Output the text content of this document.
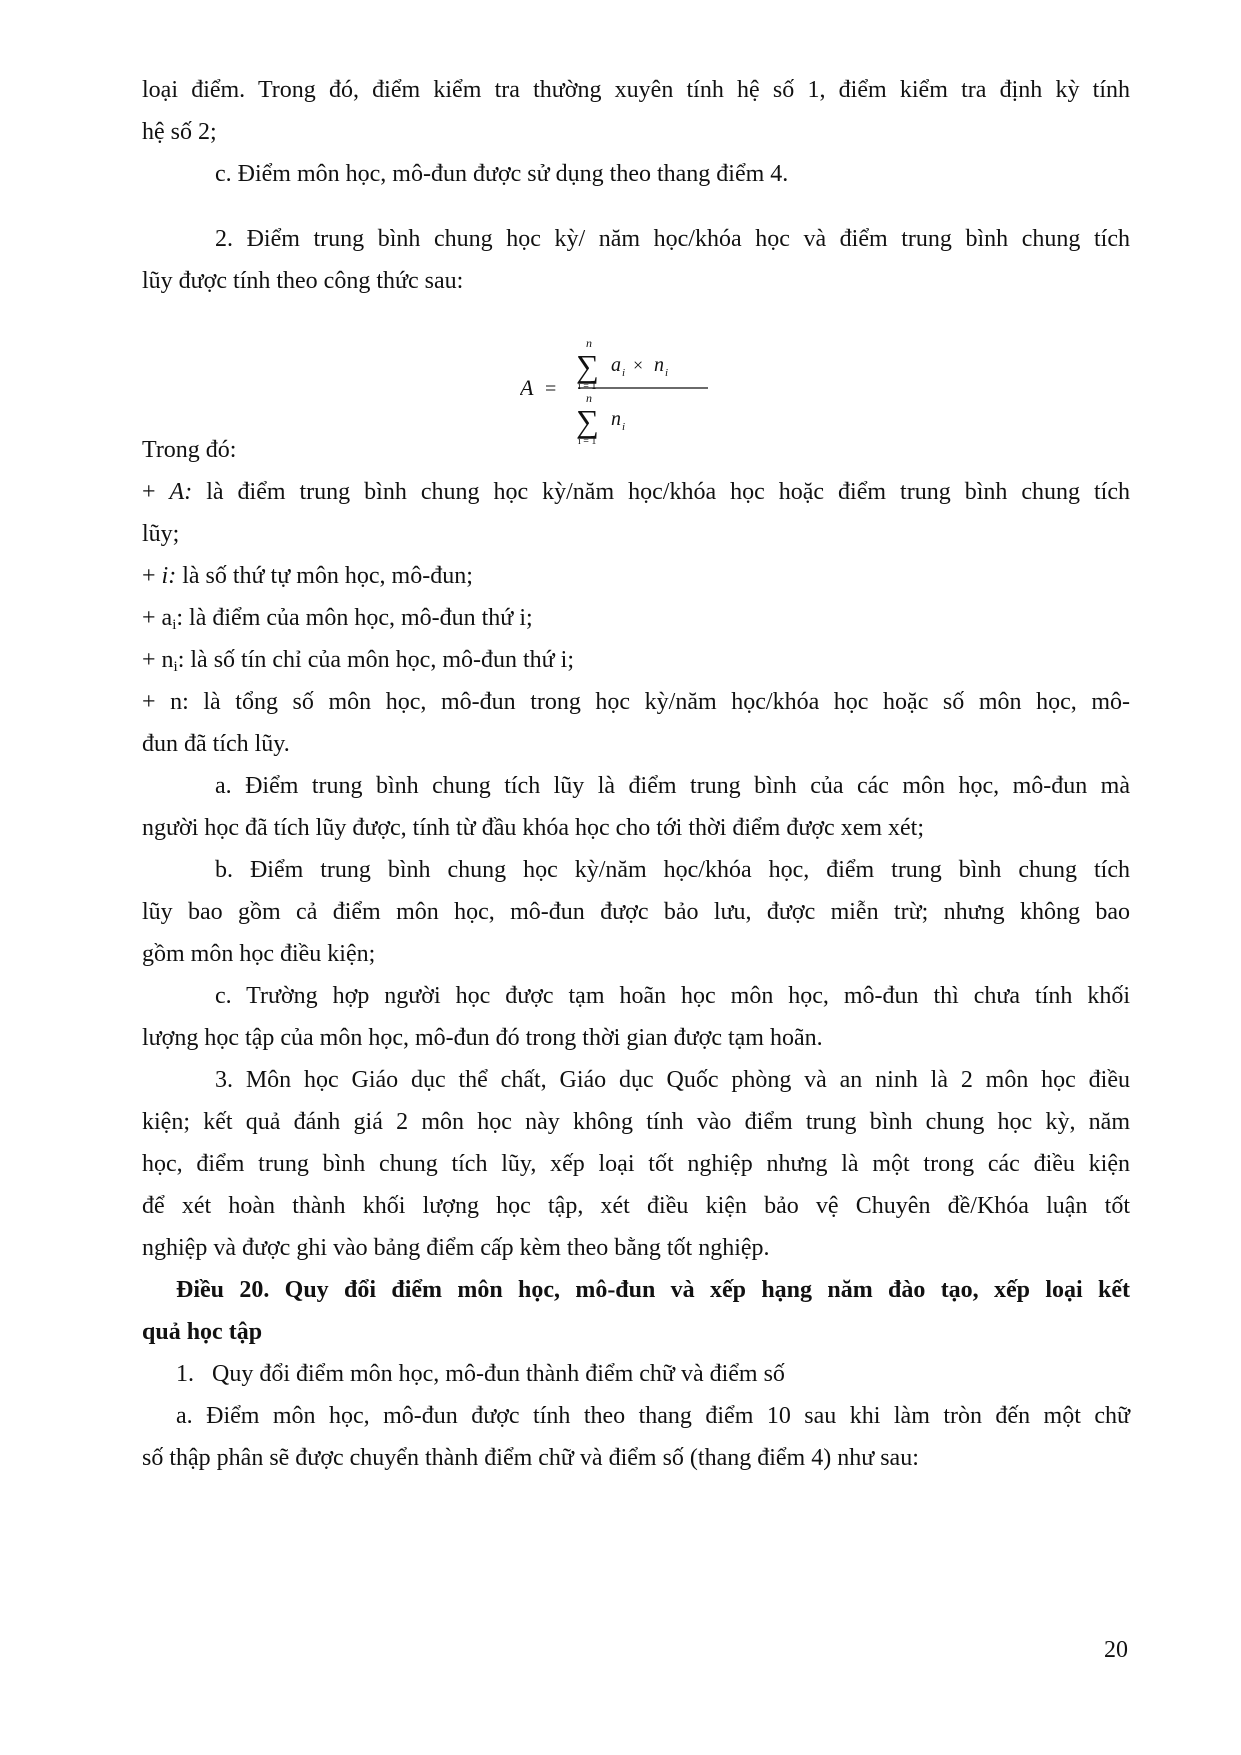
loại điểm. Trong đó, điểm kiểm tra thường xuyên tính hệ số 1, điểm kiểm tra định kỳ tính
hệ số 2;
c. Điểm môn học, mô-đun được sử dụng theo thang điểm 4.
2. Điểm trung bình chung học kỳ/ năm học/khóa học và điểm trung bình chung tích
lũy được tính theo công thức sau:
A =
n
∑
i = 1
a i × n i
n
∑
i = 1
n i
Trong đó:
+ A: là điểm trung bình chung học kỳ/năm học/khóa học hoặc điểm trung bình chung tích
lũy;
+ i: là số thứ tự môn học, mô-đun;
+ ai: là điểm của môn học, mô-đun thứ i;
+ ni: là số tín chỉ của môn học, mô-đun thứ i;
+ n: là tổng số môn học, mô-đun trong học kỳ/năm học/khóa học hoặc số môn học, mô-
đun đã tích lũy.
a. Điểm trung bình chung tích lũy là điểm trung bình của các môn học, mô-đun mà
người học đã tích lũy được, tính từ đầu khóa học cho tới thời điểm được xem xét;
b. Điểm trung bình chung học kỳ/năm học/khóa học, điểm trung bình chung tích
lũy bao gồm cả điểm môn học, mô-đun được bảo lưu, được miễn trừ; nhưng không bao
gồm môn học điều kiện;
c. Trường hợp người học được tạm hoãn học môn học, mô-đun thì chưa tính khối
lượng học tập của môn học, mô-đun đó trong thời gian được tạm hoãn.
3. Môn học Giáo dục thể chất, Giáo dục Quốc phòng và an ninh là 2 môn học điều
kiện; kết quả đánh giá 2 môn học này không tính vào điểm trung bình chung học kỳ, năm
học, điểm trung bình chung tích lũy, xếp loại tốt nghiệp nhưng là một trong các điều kiện
để xét hoàn thành khối lượng học tập, xét điều kiện bảo vệ Chuyên đề/Khóa luận tốt
nghiệp và được ghi vào bảng điểm cấp kèm theo bằng tốt nghiệp.
Điều 20. Quy đổi điểm môn học, mô-đun và xếp hạng năm đào tạo, xếp loại kết
quả học tập
1. Quy đổi điểm môn học, mô-đun thành điểm chữ và điểm số
a. Điểm môn học, mô-đun được tính theo thang điểm 10 sau khi làm tròn đến một chữ
số thập phân sẽ được chuyển thành điểm chữ và điểm số (thang điểm 4) như sau:
20
